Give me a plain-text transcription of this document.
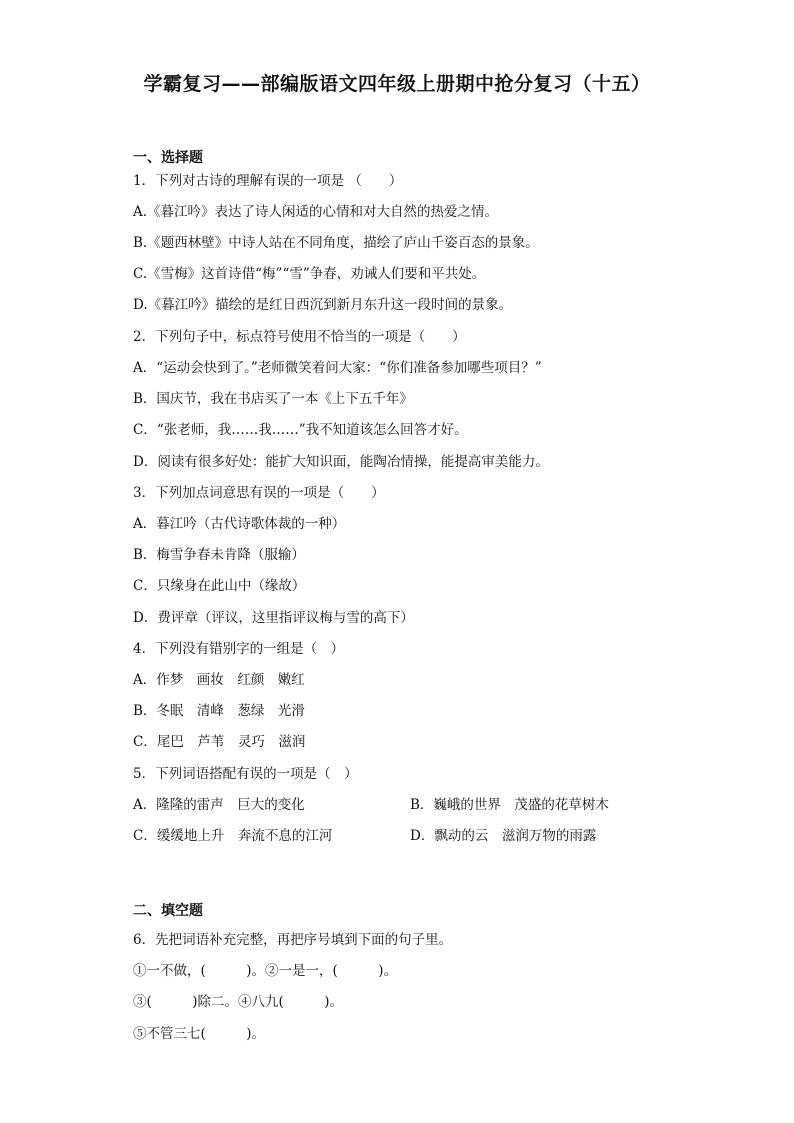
学霸复习——部编版语文四年级上册期中抢分复习（十五）
一、选择题
1．下列对古诗的理解有误的一项是 （　　）
A.《暮江吟》表达了诗人闲适的心情和对大自然的热爱之情。
B.《题西林壁》中诗人站在不同角度，描绘了庐山千姿百态的景象。
C.《雪梅》这首诗借“梅”“雪”争春，劝诫人们要和平共处。
D.《暮江吟》描绘的是红日西沉到新月东升这一段时间的景象。
2．下列句子中，标点符号使用不恰当的一项是（　　）
A．“运动会快到了。”老师微笑着问大家：“你们准备参加哪些项目？”
B．国庆节，我在书店买了一本《上下五千年》
C．“张老师，我……我……”我不知道该怎么回答才好。
D．阅读有很多好处：能扩大知识面，能陶冶情操，能提高审美能力。
3．下列加点词意思有误的一项是（　　）
A．暮江吟（古代诗歌体裁的一种）
B．梅雪争春未肯降（服输）
C．只缘身在此山中（缘故）
D．费评章（评议，这里指评议梅与雪的高下）
4．下列没有错别字的一组是（　）
A．作梦　画妆　红颜　嫩红
B．冬眠　清峰　葱绿　光滑
C．尾巴　芦苇　灵巧　滋润
5．下列词语搭配有误的一项是（　）
A．隆隆的雷声　巨大的变化	B．巍峨的世界　茂盛的花草树木
C．缓缓地上升　奔流不息的江河	D．飘动的云　滋润万物的雨露
二、填空题
6．先把词语补充完整，再把序号填到下面的句子里。
①一不做，(　　　)。②一是一，(　　　)。
③(　　　)除二。④八九(　　　)。
⑤不管三七(　　　)。
